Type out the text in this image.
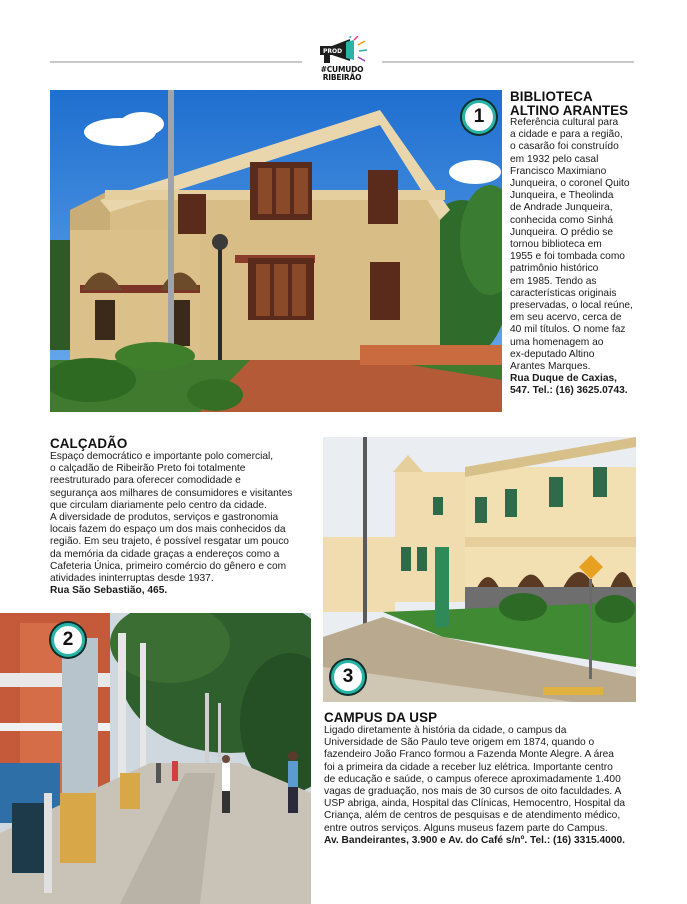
PROD
#CUMUDO RIBEIRÃO
1
BIBLIOTECA
ALTINO ARANTES
Referência cultural para
a cidade e para a região,
o casarão foi construído
em 1932 pelo casal
Francisco Maximiano
Junqueira, o coronel Quito
Junqueira, e Theolinda
de Andrade Junqueira,
conhecida como Sinhá
Junqueira. O prédio se
tornou biblioteca em
1955 e foi tombada como
patrimônio histórico
em 1985. Tendo as
características originais
preservadas, o local reúne,
em seu acervo, cerca de
40 mil títulos. O nome faz
uma homenagem ao
ex-deputado Altino
Arantes Marques.
Rua Duque de Caxias,
547. Tel.: (16) 3625.0743.
CALÇADÃO
Espaço democrático e importante polo comercial,
o calçadão de Ribeirão Preto foi totalmente
reestruturado para oferecer comodidade e
segurança aos milhares de consumidores e visitantes
que circulam diariamente pelo centro da cidade.
A diversidade de produtos, serviços e gastronomia
locais fazem do espaço um dos mais conhecidos da
região. Em seu trajeto, é possível resgatar um pouco
da memória da cidade graças a endereços como a
Cafeteria Única, primeiro comércio do gênero e com
atividades ininterruptas desde 1937.
Rua São Sebastião, 465.
2
3
CAMPUS DA USP
Ligado diretamente à história da cidade, o campus da
Universidade de São Paulo teve origem em 1874, quando o
fazendeiro João Franco formou a Fazenda Monte Alegre. A área
foi a primeira da cidade a receber luz elétrica. Importante centro
de educação e saúde, o campus oferece aproximadamente 1.400
vagas de graduação, nos mais de 30 cursos de oito faculdades. A
USP abriga, ainda, Hospital das Clínicas, Hemocentro, Hospital da
Criança, além de centros de pesquisas e de atendimento médico,
entre outros serviços. Alguns museus fazem parte do Campus.
Av. Bandeirantes, 3.900 e Av. do Café s/nº. Tel.: (16) 3315.4000.
